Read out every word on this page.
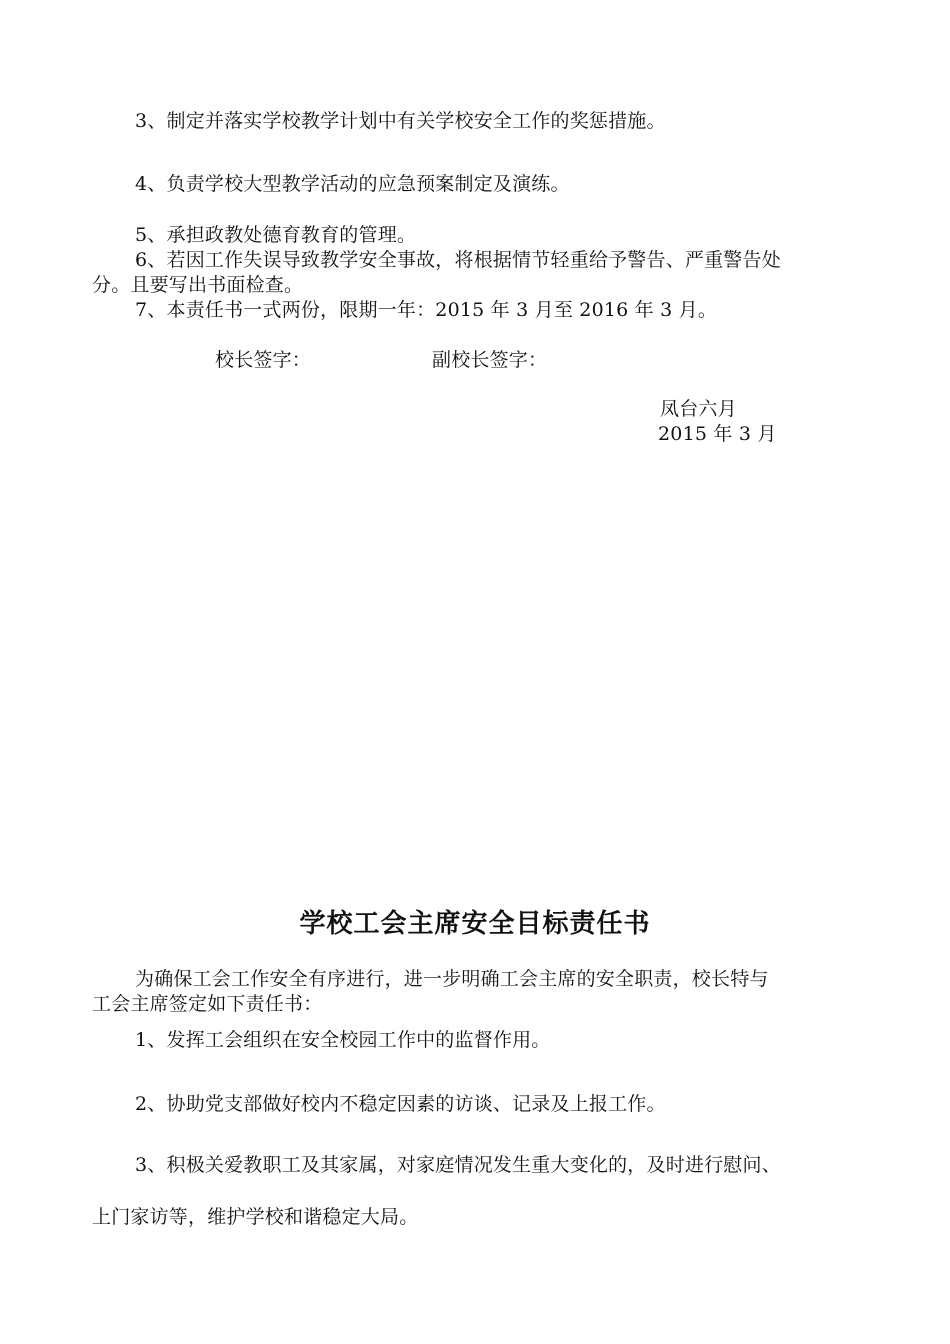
3、制定并落实学校教学计划中有关学校安全工作的奖惩措施。
4、负责学校大型教学活动的应急预案制定及演练。
5、承担政教处德育教育的管理。
6、若因工作失误导致教学安全事故，将根据情节轻重给予警告、严重警告处
分。且要写出书面检查。
7、本责任书一式两份，限期一年：2015 年 3 月至 2016 年 3 月。
校长签字：	副校长签字：
凤台六月
2015 年 3 月
学校工会主席安全目标责任书
为确保工会工作安全有序进行，进一步明确工会主席的安全职责，校长特与
工会主席签定如下责任书：
1、发挥工会组织在安全校园工作中的监督作用。
2、协助党支部做好校内不稳定因素的访谈、记录及上报工作。
3、积极关爱教职工及其家属，对家庭情况发生重大变化的，及时进行慰问、
上门家访等，维护学校和谐稳定大局。
